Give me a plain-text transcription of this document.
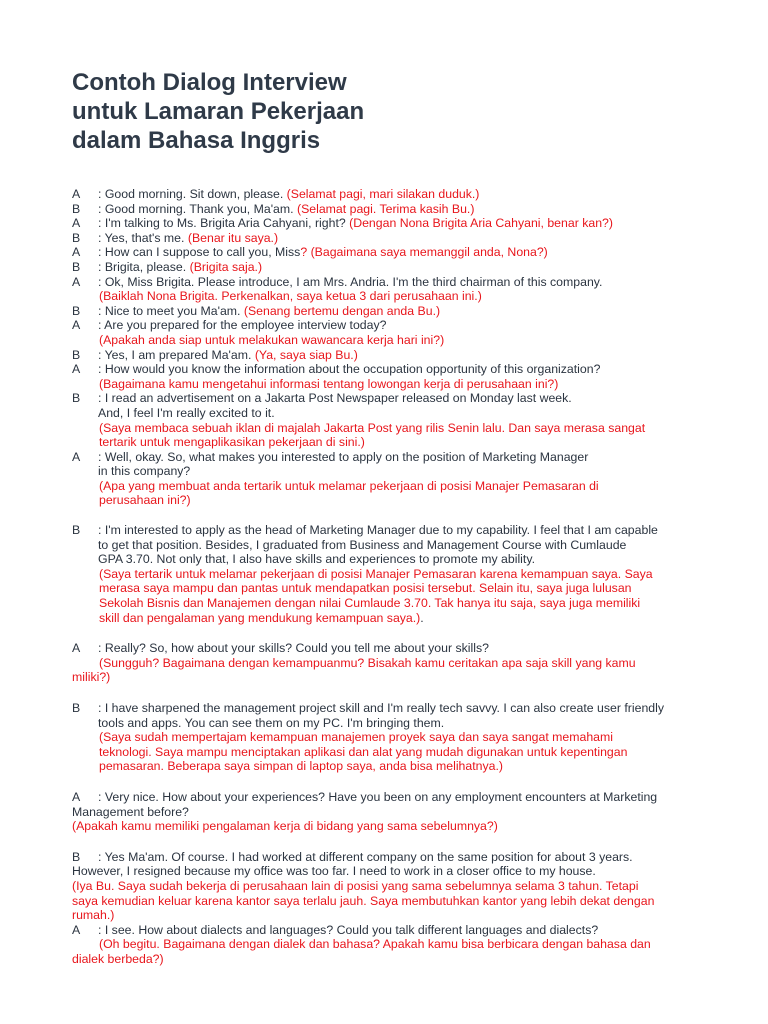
Contoh Dialog Interview
untuk Lamaran Pekerjaan
dalam Bahasa Inggris
A : Good morning. Sit down, please. (Selamat pagi, mari silakan duduk.)
B : Good morning. Thank you, Ma'am. (Selamat pagi. Terima kasih Bu.)
A : I'm talking to Ms. Brigita Aria Cahyani, right? (Dengan Nona Brigita Aria Cahyani, benar kan?)
B : Yes, that's me. (Benar itu saya.)
A : How can I suppose to call you, Miss? (Bagaimana saya memanggil anda, Nona?)
B : Brigita, please. (Brigita saja.)
A : Ok, Miss Brigita. Please introduce, I am Mrs. Andria. I'm the third chairman of this company.
(Baiklah Nona Brigita. Perkenalkan, saya ketua 3 dari perusahaan ini.)
B : Nice to meet you Ma'am. (Senang bertemu dengan anda Bu.)
A : Are you prepared for the employee interview today?
(Apakah anda siap untuk melakukan wawancara kerja hari ini?)
B : Yes, I am prepared Ma'am. (Ya, saya siap Bu.)
A : How would you know the information about the occupation opportunity of this organization?
(Bagaimana kamu mengetahui informasi tentang lowongan kerja di perusahaan ini?)
B : I read an advertisement on a Jakarta Post Newspaper released on Monday last week.
And, I feel I'm really excited to it.
(Saya membaca sebuah iklan di majalah Jakarta Post yang rilis Senin lalu. Dan saya merasa sangat
tertarik untuk mengaplikasikan pekerjaan di sini.)
A : Well, okay. So, what makes you interested to apply on the position of Marketing Manager
in this company?
(Apa yang membuat anda tertarik untuk melamar pekerjaan di posisi Manajer Pemasaran di
perusahaan ini?)
B : I'm interested to apply as the head of Marketing Manager due to my capability. I feel that I am capable
to get that position. Besides, I graduated from Business and Management Course with Cumlaude
GPA 3.70. Not only that, I also have skills and experiences to promote my ability.
(Saya tertarik untuk melamar pekerjaan di posisi Manajer Pemasaran karena kemampuan saya. Saya
merasa saya mampu dan pantas untuk mendapatkan posisi tersebut. Selain itu, saya juga lulusan
Sekolah Bisnis dan Manajemen dengan nilai Cumlaude 3.70. Tak hanya itu saja, saya juga memiliki
skill dan pengalaman yang mendukung kemampuan saya.).
A : Really? So, how about your skills? Could you tell me about your skills?
(Sungguh? Bagaimana dengan kemampuanmu? Bisakah kamu ceritakan apa saja skill yang kamu
miliki?)
B : I have sharpened the management project skill and I'm really tech savvy. I can also create user friendly
tools and apps. You can see them on my PC. I'm bringing them.
(Saya sudah mempertajam kemampuan manajemen proyek saya dan saya sangat memahami
teknologi. Saya mampu menciptakan aplikasi dan alat yang mudah digunakan untuk kepentingan
pemasaran. Beberapa saya simpan di laptop saya, anda bisa melihatnya.)
A : Very nice. How about your experiences? Have you been on any employment encounters at Marketing
Management before?
(Apakah kamu memiliki pengalaman kerja di bidang yang sama sebelumnya?)
B : Yes Ma'am. Of course. I had worked at different company on the same position for about 3 years.
However, I resigned because my office was too far. I need to work in a closer office to my house.
(Iya Bu. Saya sudah bekerja di perusahaan lain di posisi yang sama sebelumnya selama 3 tahun. Tetapi
saya kemudian keluar karena kantor saya terlalu jauh. Saya membutuhkan kantor yang lebih dekat dengan
rumah.)
A : I see. How about dialects and languages? Could you talk different languages and dialects?
(Oh begitu. Bagaimana dengan dialek dan bahasa? Apakah kamu bisa berbicara dengan bahasa dan
dialek berbeda?)
